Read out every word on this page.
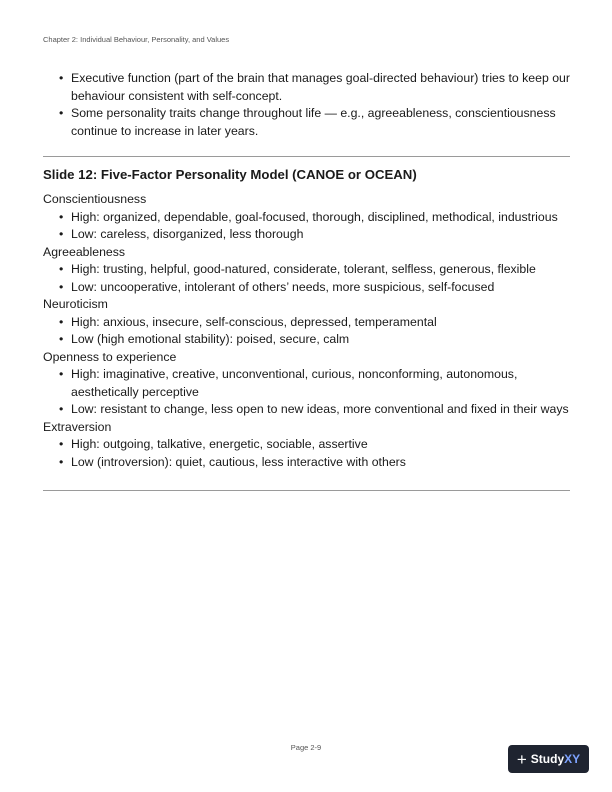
Chapter 2: Individual Behaviour, Personality, and Values
• Executive function (part of the brain that manages goal-directed behaviour) tries to keep our behaviour consistent with self-concept.
• Some personality traits change throughout life — e.g., agreeableness, conscientiousness continue to increase in later years.
Slide 12: Five-Factor Personality Model (CANOE or OCEAN)
Conscientiousness
• High: organized, dependable, goal-focused, thorough, disciplined, methodical, industrious
• Low: careless, disorganized, less thorough
Agreeableness
• High: trusting, helpful, good-natured, considerate, tolerant, selfless, generous, flexible
• Low: uncooperative, intolerant of others’ needs, more suspicious, self-focused
Neuroticism
• High: anxious, insecure, self-conscious, depressed, temperamental
• Low (high emotional stability): poised, secure, calm
Openness to experience
• High: imaginative, creative, unconventional, curious, nonconforming, autonomous, aesthetically perceptive
• Low: resistant to change, less open to new ideas, more conventional and fixed in their ways
Extraversion
• High: outgoing, talkative, energetic, sociable, assertive
• Low (introversion): quiet, cautious, less interactive with others
Page 2-9
+ Study XY
